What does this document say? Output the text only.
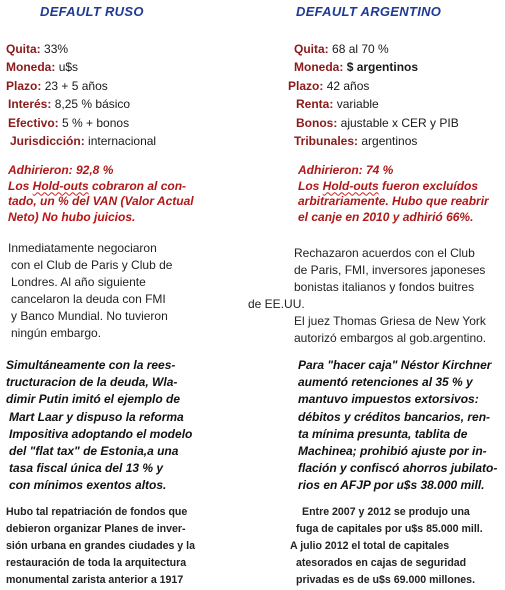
DEFAULT RUSO
Quita: 33%
Moneda: u$s
Plazo: 23 + 5 años
Interés: 8,25 % básico
Efectivo: 5 % + bonos
Jurisdicción: internacional
Adhirieron: 92,8 %
Los Hold-outs cobraron al con-
tado, un % del VAN (Valor Actual
Neto) No hubo juicios.
Inmediatamente negociaron
con el Club de Paris y Club de
Londres. Al año siguiente
cancelaron la deuda con FMI
y Banco Mundial. No tuvieron
ningún embargo.
Simultáneamente con la rees-
tructuracion de la deuda, Wla-
dimir Putin imitó el ejemplo de
Mart Laar y dispuso la reforma
Impositiva adoptando el modelo
del "flat tax" de Estonia,a una
tasa fiscal única del 13 % y
con mínimos exentos altos.
Hubo tal repatriación de fondos que
debieron organizar Planes de inver-
sión urbana en grandes ciudades y la
restauración de toda la arquitectura
monumental zarista anterior a 1917
DEFAULT ARGENTINO
Quita: 68 al 70 %
Moneda: $ argentinos
Plazo: 42 años
Renta: variable
Bonos: ajustable x CER y PIB
Tribunales: argentinos
Adhirieron: 74 %
Los Hold-outs fueron excluídos
arbitrariamente. Hubo que reabrir
el canje en 2010 y adhirió 66%.
Rechazaron acuerdos con el Club
de Paris, FMI, inversores japoneses
bonistas italianos y fondos buitres
de EE.UU.
El juez Thomas Griesa de New York
autorizó embargos al gob.argentino.
Para "hacer caja" Néstor Kirchner
aumentó retenciones al 35 % y
mantuvo impuestos extorsivos:
débitos y créditos bancarios, ren-
ta mínima presunta, tablita de
Machinea; prohibió ajuste por in-
flación y confiscó ahorros jubilato-
rios en AFJP por u$s 38.000 mill.
Entre 2007 y 2012 se produjo una
fuga de capitales por u$s 85.000 mill.
A julio 2012 el total de capitales
atesorados en cajas de seguridad
privadas es de u$s 69.000 millones.
